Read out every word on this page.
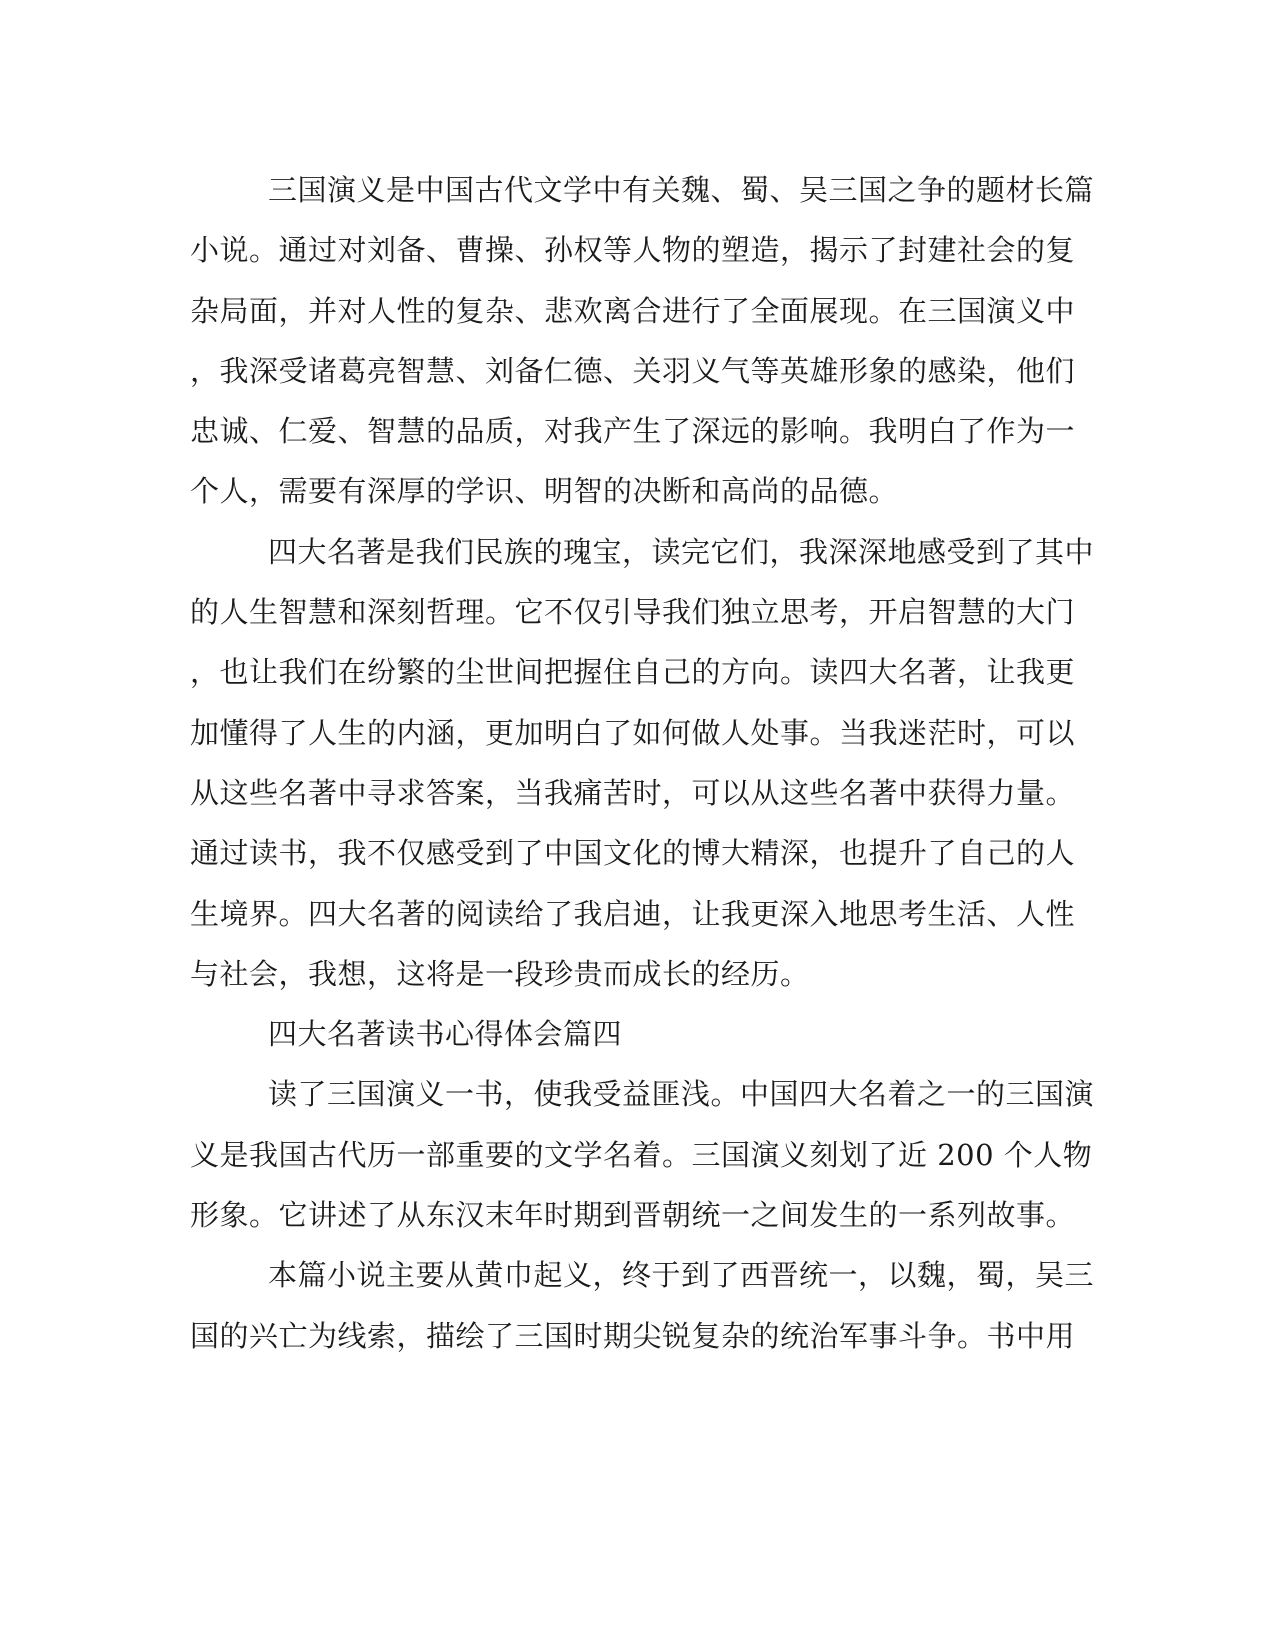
三国演义是中国古代文学中有关魏、蜀、吴三国之争的题材长篇
小说。通过对刘备、曹操、孙权等人物的塑造，揭示了封建社会的复
杂局面，并对人性的复杂、悲欢离合进行了全面展现。在三国演义中
，我深受诸葛亮智慧、刘备仁德、关羽义气等英雄形象的感染，他们
忠诚、仁爱、智慧的品质，对我产生了深远的影响。我明白了作为一
个人，需要有深厚的学识、明智的决断和高尚的品德。
四大名著是我们民族的瑰宝，读完它们，我深深地感受到了其中
的人生智慧和深刻哲理。它不仅引导我们独立思考，开启智慧的大门
，也让我们在纷繁的尘世间把握住自己的方向。读四大名著，让我更
加懂得了人生的内涵，更加明白了如何做人处事。当我迷茫时，可以
从这些名著中寻求答案，当我痛苦时，可以从这些名著中获得力量。
通过读书，我不仅感受到了中国文化的博大精深，也提升了自己的人
生境界。四大名著的阅读给了我启迪，让我更深入地思考生活、人性
与社会，我想，这将是一段珍贵而成长的经历。
四大名著读书心得体会篇四
读了三国演义一书，使我受益匪浅。中国四大名着之一的三国演
义是我国古代历一部重要的文学名着。三国演义刻划了近 200 个人物
形象。它讲述了从东汉末年时期到晋朝统一之间发生的一系列故事。
本篇小说主要从黄巾起义，终于到了西晋统一，以魏，蜀，吴三
国的兴亡为线索，描绘了三国时期尖锐复杂的统治军事斗争。书中用
